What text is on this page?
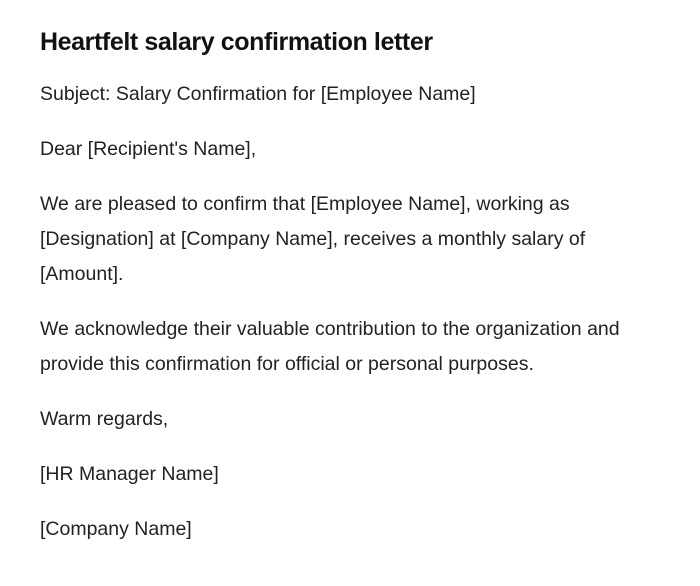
Heartfelt salary confirmation letter

Subject: Salary Confirmation for [Employee Name]

Dear [Recipient's Name],

We are pleased to confirm that [Employee Name], working as [Designation] at [Company Name], receives a monthly salary of [Amount].

We acknowledge their valuable contribution to the organization and provide this confirmation for official or personal purposes.

Warm regards,

[HR Manager Name]

[Company Name]
